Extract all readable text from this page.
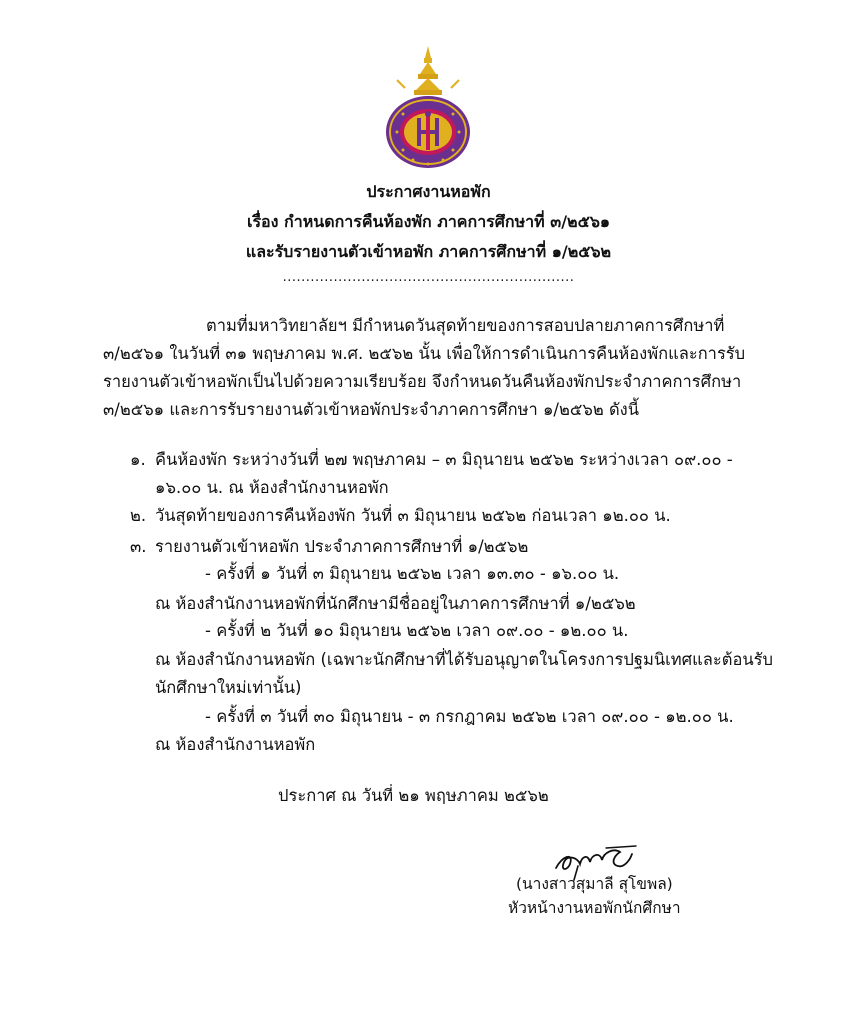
ประกาศงานหอพัก
เรื่อง กำหนดการคืนห้องพัก ภาคการศึกษาที่ ๓/๒๕๖๑
และรับรายงานตัวเข้าหอพัก ภาคการศึกษาที่ ๑/๒๕๖๒
...............................................................
ตามที่มหาวิทยาลัยฯ มีกำหนดวันสุดท้ายของการสอบปลายภาคการศึกษาที่
๓/๒๕๖๑ ในวันที่ ๓๑ พฤษภาคม พ.ศ. ๒๕๖๒ นั้น เพื่อให้การดำเนินการคืนห้องพักและการรับ
รายงานตัวเข้าหอพักเป็นไปด้วยความเรียบร้อย จึงกำหนดวันคืนห้องพักประจำภาคการศึกษา
๓/๒๕๖๑ และการรับรายงานตัวเข้าหอพักประจำภาคการศึกษา ๑/๒๕๖๒ ดังนี้
๑. คืนห้องพัก ระหว่างวันที่ ๒๗ พฤษภาคม – ๓ มิถุนายน ๒๕๖๒ ระหว่างเวลา ๐๙.๐๐ -
๑๖.๐๐ น. ณ ห้องสำนักงานหอพัก
๒. วันสุดท้ายของการคืนห้องพัก วันที่ ๓ มิถุนายน ๒๕๖๒ ก่อนเวลา ๑๒.๐๐ น.
๓. รายงานตัวเข้าหอพัก ประจำภาคการศึกษาที่ ๑/๒๕๖๒
- ครั้งที่ ๑ วันที่ ๓ มิถุนายน ๒๕๖๒ เวลา ๑๓.๓๐ - ๑๖.๐๐ น.
ณ ห้องสำนักงานหอพักที่นักศึกษามีชื่ออยู่ในภาคการศึกษาที่ ๑/๒๕๖๒
- ครั้งที่ ๒ วันที่ ๑๐ มิถุนายน ๒๕๖๒ เวลา ๐๙.๐๐ - ๑๒.๐๐ น.
ณ ห้องสำนักงานหอพัก (เฉพาะนักศึกษาที่ได้รับอนุญาตในโครงการปฐมนิเทศและต้อนรับ
นักศึกษาใหม่เท่านั้น)
- ครั้งที่ ๓ วันที่ ๓๐ มิถุนายน - ๓ กรกฎาคม ๒๕๖๒ เวลา ๐๙.๐๐ - ๑๒.๐๐ น.
ณ ห้องสำนักงานหอพัก
ประกาศ ณ วันที่ ๒๑ พฤษภาคม ๒๕๖๒
(นางสาวสุมาลี สุโขพล)
หัวหน้างานหอพักนักศึกษา
